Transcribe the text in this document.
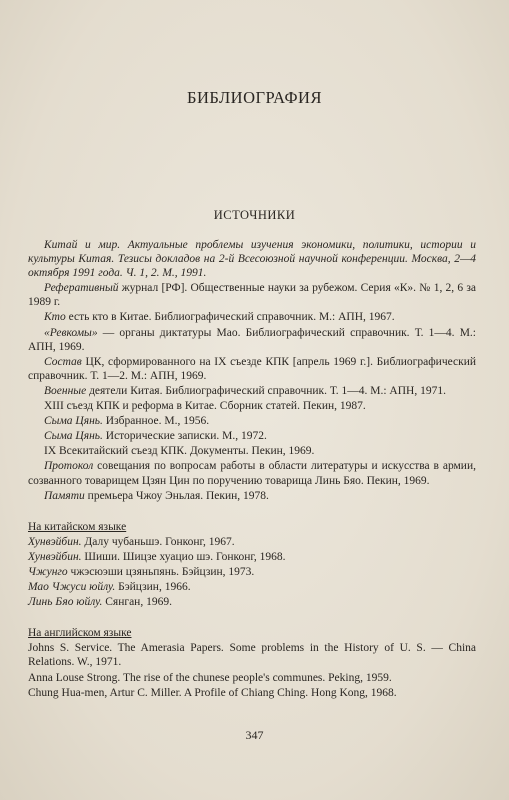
БИБЛИОГРАФИЯ
ИСТОЧНИКИ

Китай и мир. Актуальные проблемы изучения экономики, политики, истории и культуры Китая. Тезисы докладов на 2-й Всесоюзной научной конференции. Москва, 2—4 октября 1991 года. Ч. 1, 2. М., 1991.

Реферативный журнал [РФ]. Общественные науки за рубежом. Серия «К». № 1, 2, 6 за 1989 г.

Кто есть кто в Китае. Библиографический справочник. М.: АПН, 1967.

«Ревкомы» — органы диктатуры Мао. Библиографический справочник. Т. 1—4. М.: АПН, 1969.

Состав ЦК, сформированного на IX съезде КПК [апрель 1969 г.]. Библиографический справочник. Т. 1—2. М.: АПН, 1969.

Военные деятели Китая. Библиографический справочник. Т. 1—4. М.: АПН, 1971.

XIII съезд КПК и реформа в Китае. Сборник статей. Пекин, 1987.

Сыма Цянь. Избранное. М., 1956.

Сыма Цянь. Исторические записки. М., 1972.

IX Всекитайский съезд КПК. Документы. Пекин, 1969.

Протокол совещания по вопросам работы в области литературы и искусства в армии, созванного товарищем Цзян Цин по поручению товарища Линь Бяо. Пекин, 1969.

Памяти премьера Чжоу Эньлая. Пекин, 1978.

На китайском языке

Хунвэйбин. Далу чубаньшэ. Гонконг, 1967.

Хунвэйбин. Шиши. Шицзе хуацио шэ. Гонконг, 1968.

Чжунго чжэсюэши цзяньпянь. Бэйцзин, 1973.

Мао Чжуси юйлу. Бэйцзин, 1966.

Линь Бяо юйлу. Сянган, 1969.

На английском языке

Johns S. Service. The Amerasia Papers. Some problems in the History of U. S. — China Relations. W., 1971.

Anna Louse Strong. The rise of the chunese people's communes. Peking, 1959.

Chung Hua-men, Artur C. Miller. A Profile of Chiang Ching. Hong Kong, 1968.

347
